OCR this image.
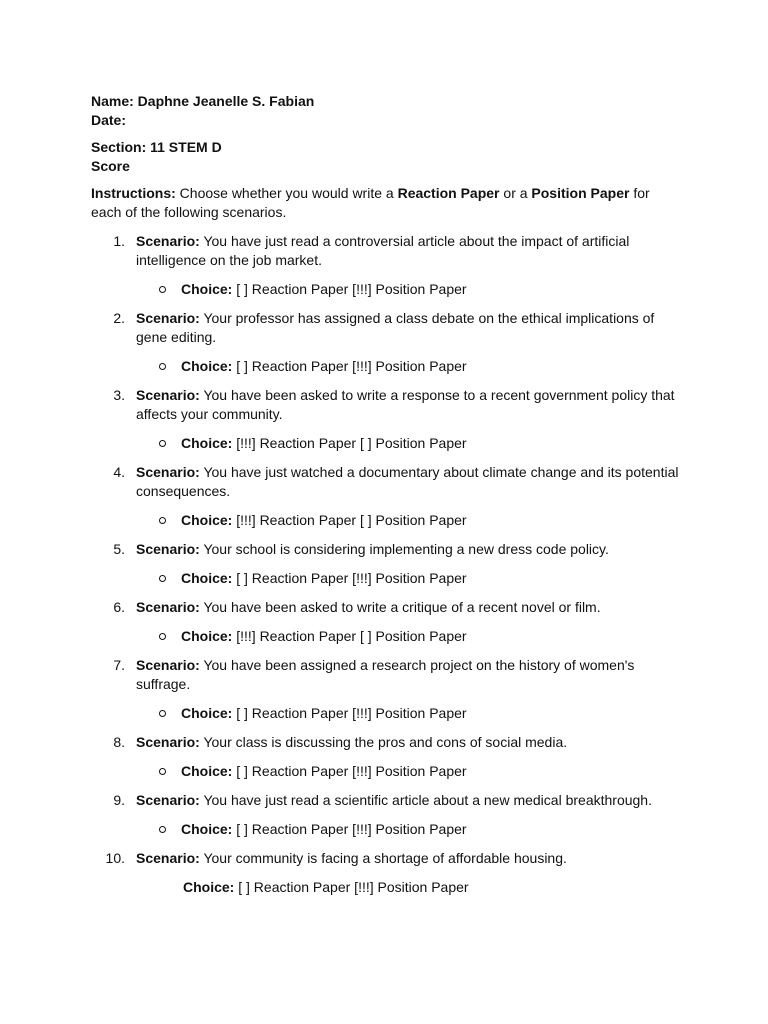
Name: Daphne Jeanelle S. Fabian

Date:

Section: 11 STEM D

Score

Instructions: Choose whether you would write a Reaction Paper or a Position Paper for each of the following scenarios.

1. Scenario: You have just read a controversial article about the impact of artificial intelligence on the job market.
Choice: [ ] Reaction Paper [!!!] Position Paper
2. Scenario: Your professor has assigned a class debate on the ethical implications of gene editing.
Choice: [ ] Reaction Paper [!!!] Position Paper
3. Scenario: You have been asked to write a response to a recent government policy that affects your community.
Choice: [!!!] Reaction Paper [ ] Position Paper
4. Scenario: You have just watched a documentary about climate change and its potential consequences.
Choice: [!!!] Reaction Paper [ ] Position Paper
5. Scenario: Your school is considering implementing a new dress code policy.
Choice: [ ] Reaction Paper [!!!] Position Paper
6. Scenario: You have been asked to write a critique of a recent novel or film.
Choice: [!!!] Reaction Paper [ ] Position Paper
7. Scenario: You have been assigned a research project on the history of women's suffrage.
Choice: [ ] Reaction Paper [!!!] Position Paper
8. Scenario: Your class is discussing the pros and cons of social media.
Choice: [ ] Reaction Paper [!!!] Position Paper
9. Scenario: You have just read a scientific article about a new medical breakthrough.
Choice: [ ] Reaction Paper [!!!] Position Paper
10. Scenario: Your community is facing a shortage of affordable housing.
Choice: [ ] Reaction Paper [!!!] Position Paper
